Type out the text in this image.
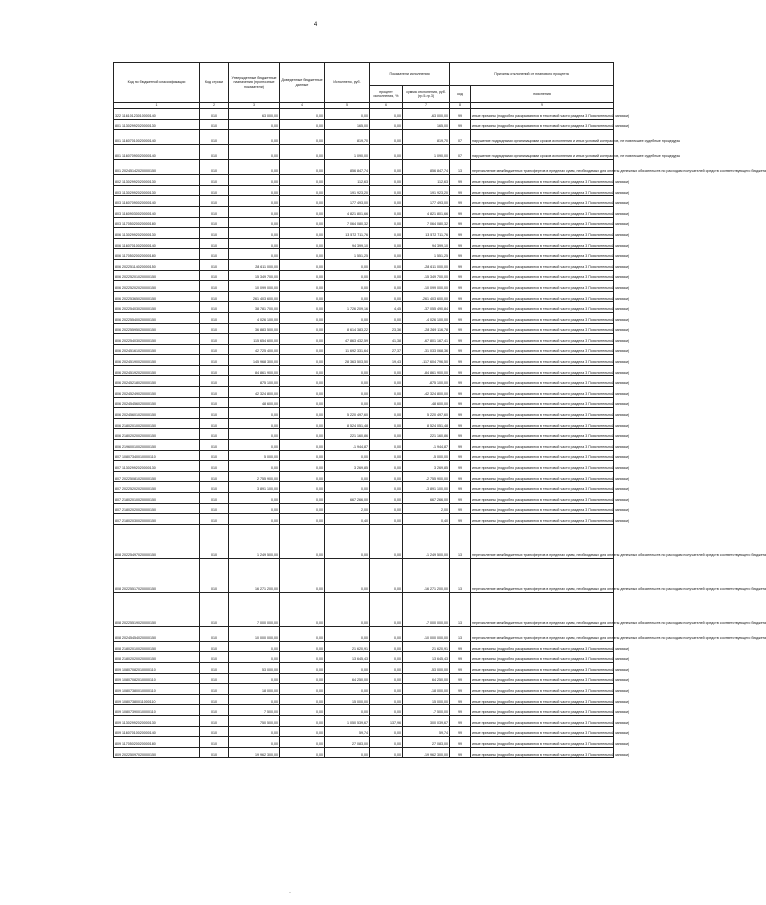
4
Код по бюджетной классификации	Код строки	Утвержденные бюджетные назначения (прогнозные показатели)	Доведенные бюджетные данные	Исполнено, руб.	Показатели исполнения		Причины отклонений от планового процента	
					процент исполнения, %	сумма отклонения, руб. (гр.5-гр.3)	код	пояснения
1	2	3	4	5	6	7	8	9
322 11610123010000140	010	63 000,00	0,00	0,00	0,00	-63 000,00	99	иные причины (подробно раскрываются в текстовой части раздела 3 Пояснительной записки)
801 11302992020000130	010	0,00	0,00	165,00	0,00	165,00	99	иные причины (подробно раскрываются в текстовой части раздела 3 Пояснительной записки)
801 11607010020000140	010	0,00	0,00	819,70	0,00	819,70	07	нарушение подрядными организациями сроков исполнения и иных условий контрактов, не повлекшее судебные процедуры
801 11607090020000140	010	0,00	0,00	1 090,00	0,00	1 090,00	07	нарушение подрядными организациями сроков исполнения и иных условий контрактов, не повлекшее судебные процедуры
801 20245142020000150	010	0,00	0,00	856 847,74	0,00	856 847,74	13	перечисление межбюджетных трансфертов в пределах сумм, необходимых для оплаты денежных обязательств по расходам получателей средств соответствующего бюджета
802 11302992020000130	010	0,00	0,00	112,63	0,00	112,63	99	иные причины (подробно раскрываются в текстовой части раздела 3 Пояснительной записки)
803 11302992020000130	010	0,00	0,00	191 923,20	0,00	191 923,20	99	иные причины (подробно раскрываются в текстовой части раздела 3 Пояснительной записки)
803 11607090020000140	010	0,00	0,00	177 493,00	0,00	177 493,00	99	иные причины (подробно раскрываются в текстовой части раздела 3 Пояснительной записки)
803 11609030020000140	010	0,00	0,00	4 821 801,66	0,00	4 821 801,66	99	иные причины (подробно раскрываются в текстовой части раздела 3 Пояснительной записки)
803 11705020020000180	010	0,00	0,00	7 064 080,32	0,00	7 064 080,32	99	иные причины (подробно раскрываются в текстовой части раздела 3 Пояснительной записки)
806 11302992020000130	010	0,00	0,00	13 572 711,76	0,00	13 572 711,76	99	иные причины (подробно раскрываются в текстовой части раздела 3 Пояснительной записки)
806 11607010020000140	010	0,00	0,00	94 399,10	0,00	94 399,10	99	иные причины (подробно раскрываются в текстовой части раздела 3 Пояснительной записки)
806 11705020020000180	010	0,00	0,00	1 551,25	0,00	1 551,25	99	иные причины (подробно раскрываются в текстовой части раздела 3 Пояснительной записки)
806 20225114020000150	010	28 611 000,00	0,00	0,00	0,00	-28 611 000,00	99	иные причины (подробно раскрываются в текстовой части раздела 3 Пояснительной записки)
806 20225201020000150	010	15 349 700,00	0,00	0,00	0,00	-15 349 700,00	99	иные причины (подробно раскрываются в текстовой части раздела 3 Пояснительной записки)
806 20225202020000150	010	10 099 000,00	0,00	0,00	0,00	-10 099 000,00	99	иные причины (подробно раскрываются в текстовой части раздела 3 Пояснительной записки)
806 20225365020000150	010	261 403 600,00	0,00	0,00	0,00	-261 403 600,00	99	иные причины (подробно раскрываются в текстовой части раздела 3 Пояснительной записки)
806 20225403020000150	010	38 781 700,00	0,00	1 726 209,16	4,45	-37 055 490,84	99	иные причины (подробно раскрываются в текстовой части раздела 3 Пояснительной записки)
806 20225540020000150	010	4 026 100,00	0,00	0,00	0,00	-4 026 100,00	99	иные причины (подробно раскрываются в текстовой части раздела 3 Пояснительной записки)
806 20225595020000150	010	36 883 500,00	0,00	8 614 383,22	23,36	-28 269 116,78	99	иные причины (подробно раскрываются в текстовой части раздела 3 Пояснительной записки)
806 20225403020000150	010	115 654 600,00	0,00	47 863 432,59	41,38	-67 801 167,41	99	иные причины (подробно раскрываются в текстовой части раздела 3 Пояснительной записки)
806 20245161020000150	010	42 725 400,00	0,00	11 692 331,64	27,37	-31 033 068,36	99	иные причины (подробно раскрываются в текстовой части раздела 3 Пояснительной записки)
806 20245190020000150	010	145 968 300,00	0,00	28 363 503,50	19,43	-117 604 796,50	99	иные причины (подробно раскрываются в текстовой части раздела 3 Пояснительной записки)
806 20245192020000150	010	84 861 900,00	0,00	0,00	0,00	-84 861 900,00	99	иные причины (подробно раскрываются в текстовой части раздела 3 Пояснительной записки)
806 20245218020000150	010	875 100,00	0,00	0,00	0,00	-875 100,00	99	иные причины (подробно раскрываются в текстовой части раздела 3 Пояснительной записки)
806 20245249020000150	010	42 324 800,00	0,00	0,00	0,00	-42 324 800,00	99	иные причины (подробно раскрываются в текстовой части раздела 3 Пояснительной записки)
806 20245456020000150	010	48 600,00	0,00	0,00	0,00	-48 600,00	99	иные причины (подробно раскрываются в текстовой части раздела 3 Пояснительной записки)
806 20245601020000150	010	0,00	0,00	5 220 497,60	0,00	5 220 497,60	99	иные причины (подробно раскрываются в текстовой части раздела 3 Пояснительной записки)
806 21802010020000150	010	0,00	0,00	8 524 051,48	0,00	8 524 051,48	99	иные причины (подробно раскрываются в текстовой части раздела 3 Пояснительной записки)
806 21802020020000150	010	0,00	0,00	221 160,86	0,00	221 160,86	99	иные причины (подробно раскрываются в текстовой части раздела 3 Пояснительной записки)
806 21960010020000150	010	0,00	0,00	-1 944,87	0,00	-1 944,87	99	иные причины (подробно раскрываются в текстовой части раздела 3 Пояснительной записки)
807 10807340010000110	010	5 000,00	0,00	0,00	0,00	-5 000,00	99	иные причины (подробно раскрываются в текстовой части раздела 3 Пояснительной записки)
807 11302992020000130	010	0,00	0,00	3 269,85	0,00	3 269,85	99	иные причины (подробно раскрываются в текстовой части раздела 3 Пояснительной записки)
807 20225081020000150	010	2 755 900,00	0,00	0,00	0,00	-2 755 900,00	99	иные причины (подробно раскрываются в текстовой части раздела 3 Пояснительной записки)
807 20225202020000150	010	3 891 100,00	0,00	0,00	0,00	-3 891 100,00	99	иные причины (подробно раскрываются в текстовой части раздела 3 Пояснительной записки)
807 21802010020000150	010	0,00	0,00	667 266,00	0,00	667 266,00	99	иные причины (подробно раскрываются в текстовой части раздела 3 Пояснительной записки)
807 21802020020000150	010	0,00	0,00	2,00	0,00	2,00	99	иные причины (подробно раскрываются в текстовой части раздела 3 Пояснительной записки)
807 21802030020000150	010	0,00	0,00	0,40	0,00	0,40	99	иные причины (подробно раскрываются в текстовой части раздела 3 Пояснительной записки)
808 20225497020000150	010	1 249 500,00	0,00	0,00	0,00	-1 249 500,00	13	перечисление межбюджетных трансфертов в пределах сумм, необходимых для оплаты денежных обязательств по расходам получателей средств соответствующего бюджета
808 20225517020000150	010	16 271 200,00	0,00	0,00	0,00	-16 271 200,00	13	перечисление межбюджетных трансфертов в пределах сумм, необходимых для оплаты денежных обязательств по расходам получателей средств соответствующего бюджета
808 20225519020000150	010	7 000 000,00	0,00	0,00	0,00	-7 000 000,00	13	перечисление межбюджетных трансфертов в пределах сумм, необходимых для оплаты денежных обязательств по расходам получателей средств соответствующего бюджета
808 20245454020000150	010	10 000 000,00	0,00	0,00	0,00	-10 000 000,00	13	перечисление межбюджетных трансфертов в пределах сумм, необходимых для оплаты денежных обязательств по расходам получателей средств соответствующего бюджета
808 21802010020000150	010	0,00	0,00	21 620,91	0,00	21 620,91	99	иные причины (подробно раскрываются в текстовой части раздела 3 Пояснительной записки)
808 21802020020000150	010	0,00	0,00	13 645,43	0,00	13 645,43	99	иные причины (подробно раскрываются в текстовой части раздела 3 Пояснительной записки)
809 10807082010000110	010	53 000,00	0,00	0,00	0,00	-53 000,00	99	иные причины (подробно раскрываются в текстовой части раздела 3 Пояснительной записки)
809 10807082010000110	010	0,00	0,00	64 250,00	0,00	64 250,00	99	иные причины (подробно раскрываются в текстовой части раздела 3 Пояснительной записки)
809 10807380010000110	010	18 000,00	0,00	0,00	0,00	-18 000,00	99	иные причины (подробно раскрываются в текстовой части раздела 3 Пояснительной записки)
809 10807380011000110	010	0,00	0,00	15 000,00	0,00	15 000,00	99	иные причины (подробно раскрываются в текстовой части раздела 3 Пояснительной записки)
809 10807390010000110	010	7 500,00	0,00	0,00	0,00	-7 500,00	99	иные причины (подробно раскрываются в текстовой части раздела 3 Пояснительной записки)
809 11302992020000130	010	750 500,00	0,00	1 050 539,67	137,96	300 039,67	99	иные причины (подробно раскрываются в текстовой части раздела 3 Пояснительной записки)
809 11607010020000140	010	0,00	0,00	59,74	0,00	59,74	99	иные причины (подробно раскрываются в текстовой части раздела 3 Пояснительной записки)
809 11705020020000180	010	0,00	0,00	27 083,00	0,00	27 083,00	99	иные причины (подробно раскрываются в текстовой части раздела 3 Пояснительной записки)
809 20225097020000150	010	19 962 300,00	0,00	0,00	0,00	-19 962 300,00	99	иные причины (подробно раскрываются в текстовой части раздела 3 Пояснительной записки)
·
